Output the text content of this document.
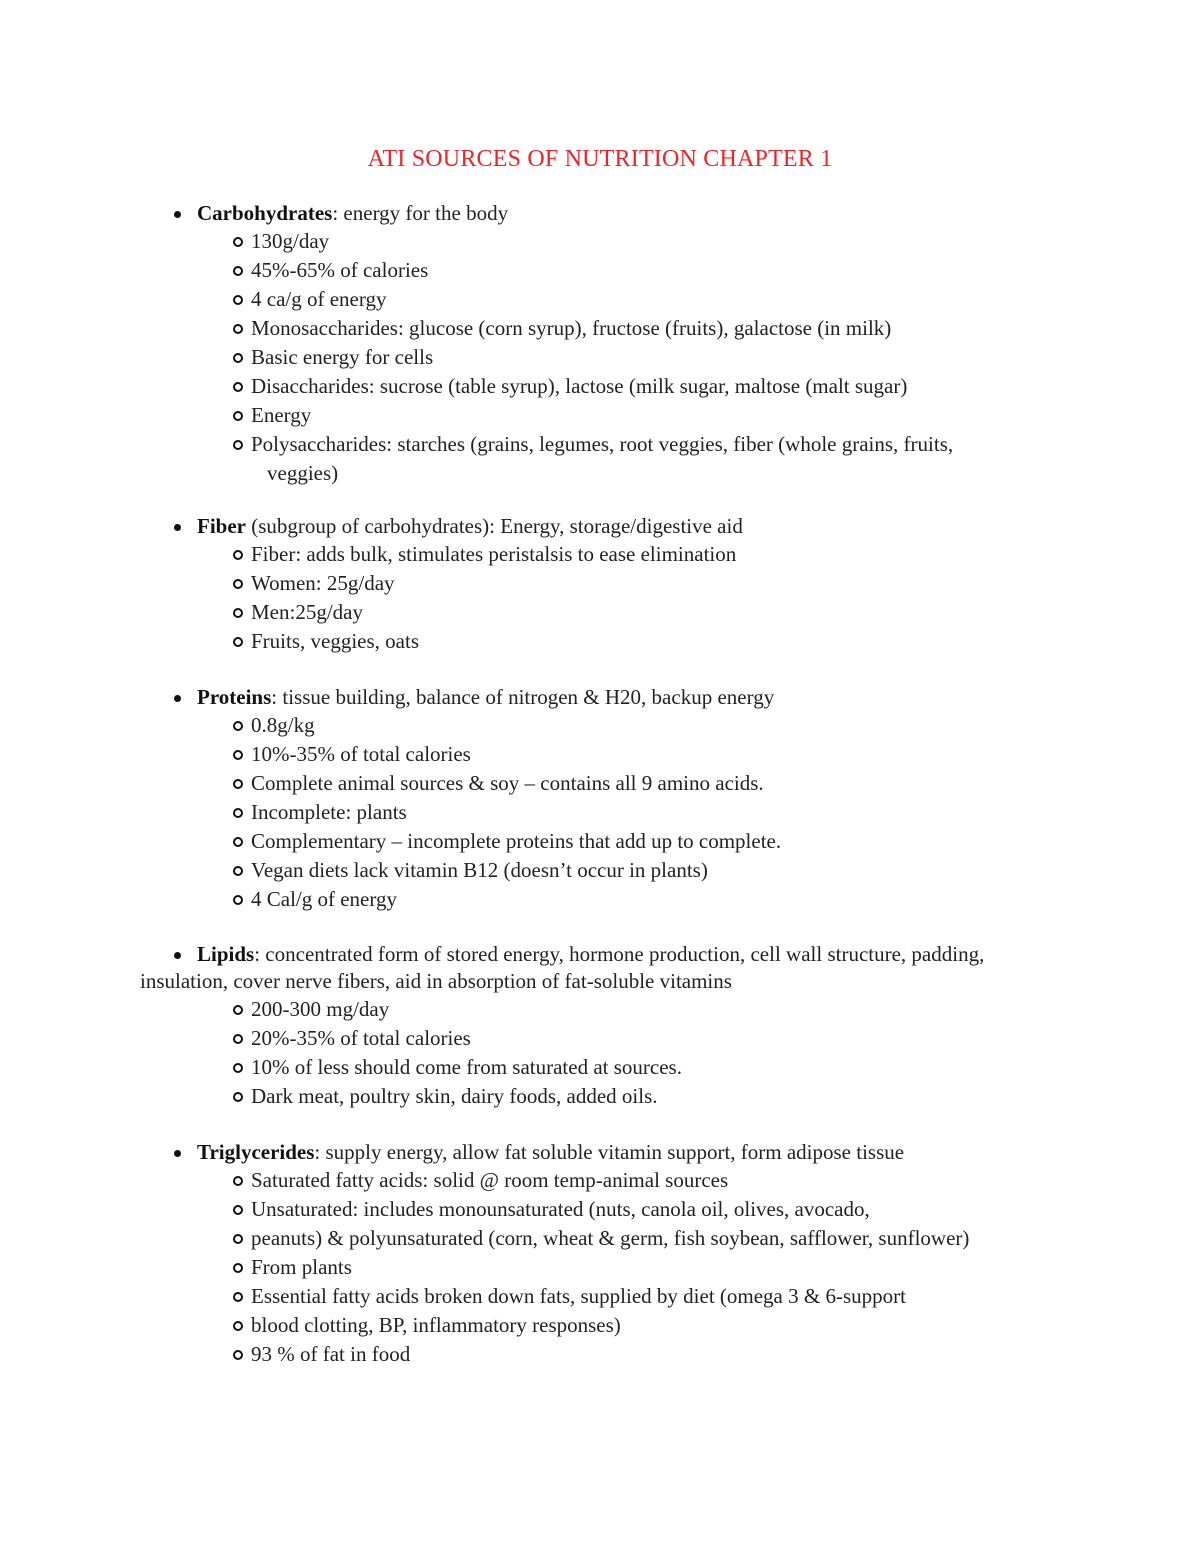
ATI SOURCES OF NUTRITION CHAPTER 1
Carbohydrates: energy for the body
130g/day
45%-65% of calories
4 ca/g of energy
Monosaccharides: glucose (corn syrup), fructose (fruits), galactose (in milk)
Basic energy for cells
Disaccharides: sucrose (table syrup), lactose (milk sugar, maltose (malt sugar)
Energy
Polysaccharides: starches (grains, legumes, root veggies, fiber (whole grains, fruits,
veggies)
Fiber (subgroup of carbohydrates): Energy, storage/digestive aid
Fiber: adds bulk, stimulates peristalsis to ease elimination
Women: 25g/day
Men:25g/day
Fruits, veggies, oats
Proteins: tissue building, balance of nitrogen & H20, backup energy
0.8g/kg
10%-35% of total calories
Complete animal sources & soy – contains all 9 amino acids.
Incomplete: plants
Complementary – incomplete proteins that add up to complete.
Vegan diets lack vitamin B12 (doesn’t occur in plants)
4 Cal/g of energy
Lipids: concentrated form of stored energy, hormone production, cell wall structure, padding, insulation, cover nerve fibers, aid in absorption of fat-soluble vitamins
200-300 mg/day
20%-35% of total calories
10% of less should come from saturated at sources.
Dark meat, poultry skin, dairy foods, added oils.
Triglycerides: supply energy, allow fat soluble vitamin support, form adipose tissue
Saturated fatty acids: solid @ room temp-animal sources
Unsaturated: includes monounsaturated (nuts, canola oil, olives, avocado,
peanuts) & polyunsaturated (corn, wheat & germ, fish soybean, safflower, sunflower)
From plants
Essential fatty acids broken down fats, supplied by diet (omega 3 & 6-support
blood clotting, BP, inflammatory responses)
93 % of fat in food
